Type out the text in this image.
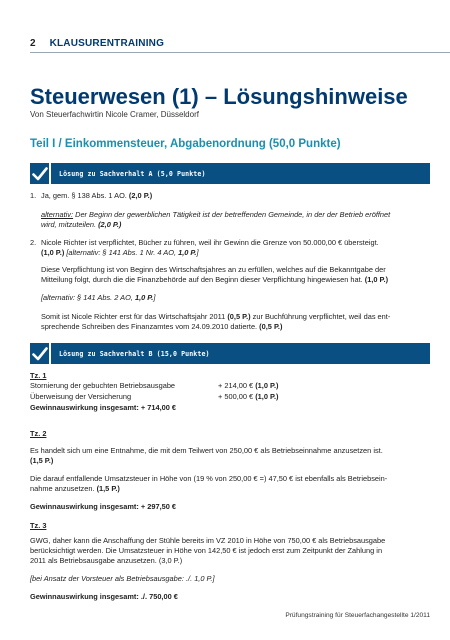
2 KLAUSURENTRAINING
Steuerwesen (1) – Lösungshinweise
Von Steuerfachwirtin Nicole Cramer, Düsseldorf
Teil I / Einkommensteuer, Abgabenordnung (50,0 Punkte)
Lösung zu Sachverhalt A (5,0 Punkte)
1. Ja, gem. § 138 Abs. 1 AO. (2,0 P.)
alternativ: Der Beginn der gewerblichen Tätigkeit ist der betreffenden Gemeinde, in der der Betrieb eröffnet
wird, mitzuteilen. (2,0 P.)
2. Nicole Richter ist verpflichtet, Bücher zu führen, weil ihr Gewinn die Grenze von 50.000,00 € übersteigt.
(1,0 P.) [alternativ: § 141 Abs. 1 Nr. 4 AO, 1,0 P.]
Diese Verpflichtung ist von Beginn des Wirtschaftsjahres an zu erfüllen, welches auf die Bekanntgabe der
Mitteilung folgt, durch die die Finanzbehörde auf den Beginn dieser Verpflichtung hingewiesen hat. (1,0 P.)
[alternativ: § 141 Abs. 2 AO, 1,0 P.]
Somit ist Nicole Richter erst für das Wirtschaftsjahr 2011 (0,5 P.) zur Buchführung verpflichtet, weil das ent-
sprechende Schreiben des Finanzamtes vom 24.09.2010 datierte. (0,5 P.)
Lösung zu Sachverhalt B (15,0 Punkte)
Tz. 1
Stornierung der gebuchten Betriebsausgabe	+ 214,00 € (1,0 P.)
Überweisung der Versicherung	+ 500,00 € (1,0 P.)
Gewinnauswirkung insgesamt: + 714,00 €
Tz. 2
Es handelt sich um eine Entnahme, die mit dem Teilwert von 250,00 € als Betriebseinnahme anzusetzen ist.
(1,5 P.)
Die darauf entfallende Umsatzsteuer in Höhe von (19 % von 250,00 € =) 47,50 € ist ebenfalls als Betriebsein-
nahme anzusetzen. (1,5 P.)
Gewinnauswirkung insgesamt: + 297,50 €
Tz. 3
GWG, daher kann die Anschaffung der Stühle bereits im VZ 2010 in Höhe von 750,00 € als Betriebsausgabe
berücksichtigt werden. Die Umsatzsteuer in Höhe von 142,50 € ist jedoch erst zum Zeitpunkt der Zahlung in
2011 als Betriebsausgabe anzusetzen. (3,0 P.)
[bei Ansatz der Vorsteuer als Betriebsausgabe: ./. 1,0 P.]
Gewinnauswirkung insgesamt: ./. 750,00 €
Prüfungstraining für Steuerfachangestellte 1/2011
